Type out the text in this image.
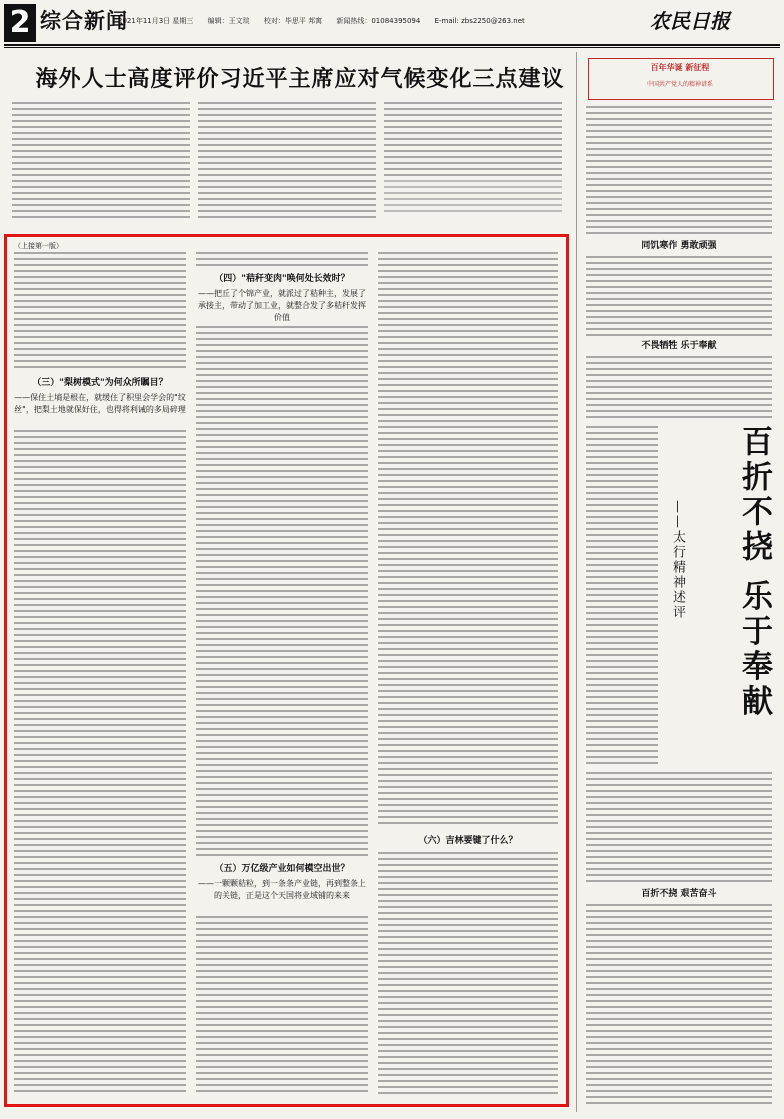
2 综合新闻
2021年11月3日 星期三 编辑：王文琰 校对：毕思平 邦寓 新闻热线：01084395094 E-mail: zbs2250@263.net	农民日报
海外人士高度评价习近平主席应对气候变化三点建议	百年华诞 新征程
中国共产党人的精神谱系
同饥寒作 勇敢顽强
不畏牺牲 乐于奉献
百折不挠 乐于奉献
——太行精神述评
百折不挠 艰苦奋斗
（上接第一版）
（三）"梨树模式"为何众所瞩目？
——保住土墒是根在，就缓住了积里会学会的"纹丝"，把梨土地就保好住，也得将利诫的多局碎理
（四）"秸秆变肉"唤何处长效时？
——把丘了个锦产业，就派过了秸种主，发展了承接主，带动了加工业，就整合发了多秸秆发挥价值
（五）万亿级产业如何模空出世？
——一颗颗秸粒，到一条条产业链，再到整条上的关链，正是这个天国将业域铺的来来
（六）吉林要键了什么？
